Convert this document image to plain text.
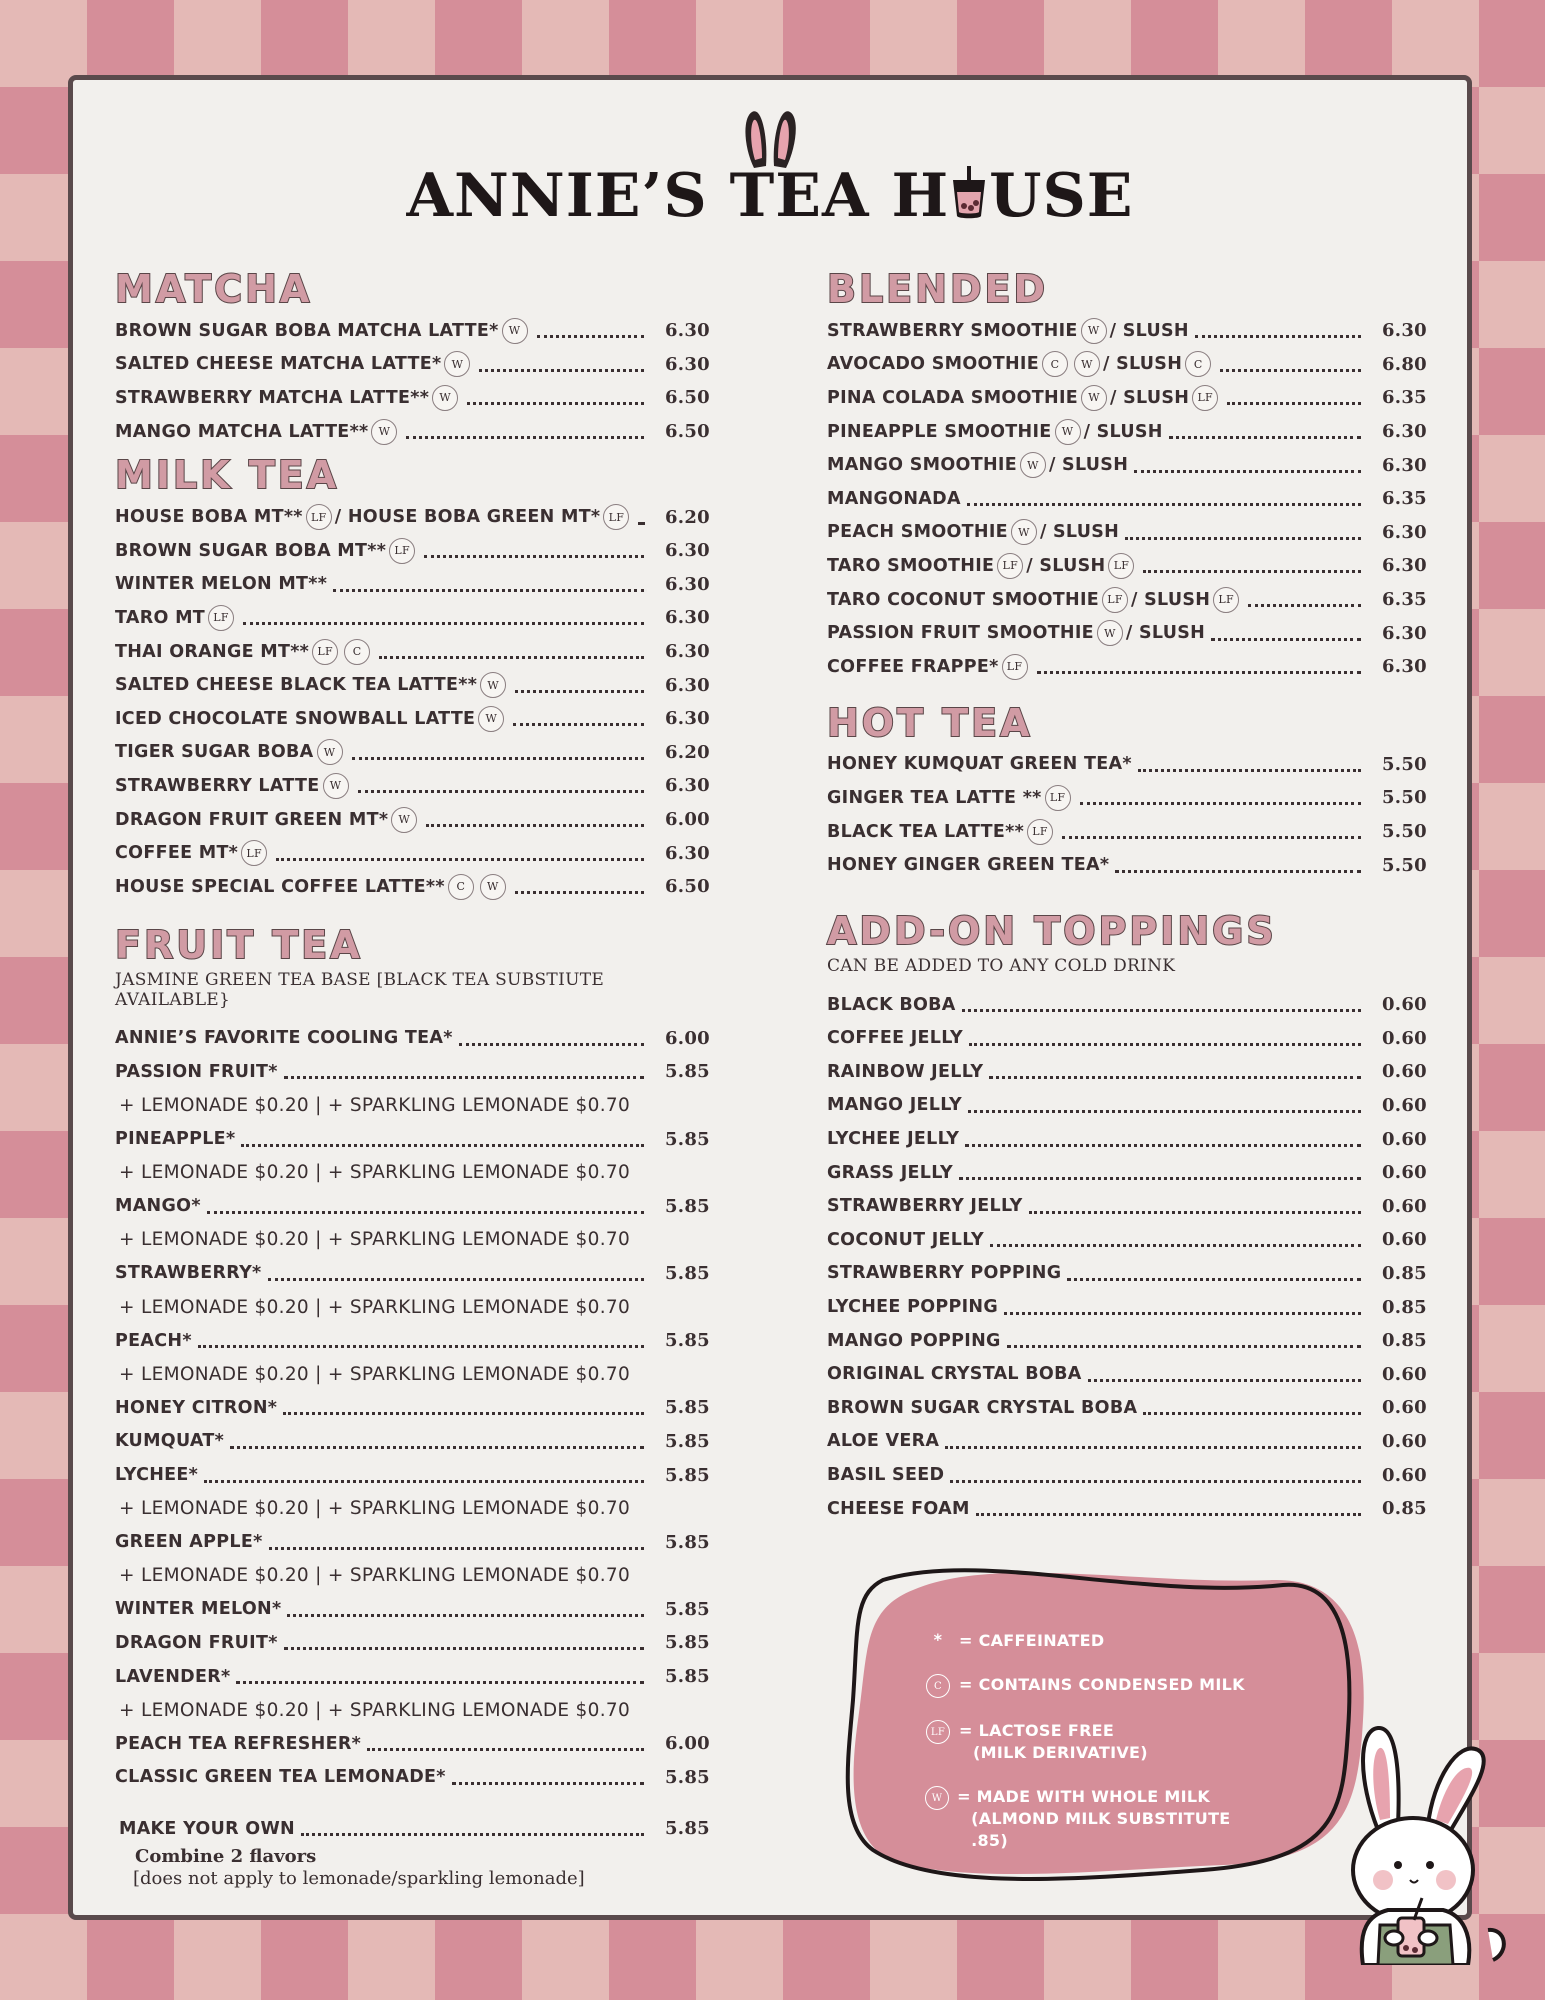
ANNIE’S TEA H USE
MATCHA
BROWN SUGAR BOBA MATCHA LATTE* W	6.30
SALTED CHEESE MATCHA LATTE* W	6.30
STRAWBERRY MATCHA LATTE** W	6.50
MANGO MATCHA LATTE** W	6.50
MILK TEA
HOUSE BOBA MT** LF / HOUSE BOBA GREEN MT* LF	6.20
BROWN SUGAR BOBA MT** LF	6.30
WINTER MELON MT**	6.30
TARO MT LF	6.30
THAI ORANGE MT** LF	C	6.30
SALTED CHEESE BLACK TEA LATTE** W	6.30
ICED CHOCOLATE SNOWBALL LATTE W	6.30
TIGER SUGAR BOBA W	6.20
STRAWBERRY LATTE W	6.30
DRAGON FRUIT GREEN MT* W	6.00
COFFEE MT* LF	6.30
HOUSE SPECIAL COFFEE LATTE**	C	W	6.50
FRUIT TEA
JASMINE GREEN TEA BASE [BLACK TEA SUBSTIUTE AVAILABLE}
ANNIE’S FAVORITE COOLING TEA*	6.00
PASSION FRUIT*	5.85
+ LEMONADE $0.20 | + SPARKLING LEMONADE $0.70
PINEAPPLE*	5.85
+ LEMONADE $0.20 | + SPARKLING LEMONADE $0.70
MANGO*	5.85
+ LEMONADE $0.20 | + SPARKLING LEMONADE $0.70
STRAWBERRY*	5.85
+ LEMONADE $0.20 | + SPARKLING LEMONADE $0.70
PEACH*	5.85
+ LEMONADE $0.20 | + SPARKLING LEMONADE $0.70
HONEY CITRON*	5.85
KUMQUAT*	5.85
LYCHEE*	5.85
+ LEMONADE $0.20 | + SPARKLING LEMONADE $0.70
GREEN APPLE*	5.85
+ LEMONADE $0.20 | + SPARKLING LEMONADE $0.70
WINTER MELON*	5.85
DRAGON FRUIT*	5.85
LAVENDER*	5.85
+ LEMONADE $0.20 | + SPARKLING LEMONADE $0.70
PEACH TEA REFRESHER*	6.00
CLASSIC GREEN TEA LEMONADE*	5.85
MAKE YOUR OWN	5.85
Combine 2 flavors
[does not apply to lemonade/sparkling lemonade]
BLENDED
STRAWBERRY SMOOTHIE W / SLUSH	6.30
AVOCADO SMOOTHIE	C	W / SLUSH	C	6.80
PINA COLADA SMOOTHIE W / SLUSH LF	6.35
PINEAPPLE SMOOTHIE W / SLUSH	6.30
MANGO SMOOTHIE W / SLUSH	6.30
MANGONADA	6.35
PEACH SMOOTHIE W / SLUSH	6.30
TARO SMOOTHIE LF / SLUSH LF	6.30
TARO COCONUT SMOOTHIE LF / SLUSH LF	6.35
PASSION FRUIT SMOOTHIE W / SLUSH	6.30
COFFEE FRAPPE* LF	6.30
HOT TEA
HONEY KUMQUAT GREEN TEA*	5.50
GINGER TEA LATTE ** LF	5.50
BLACK TEA LATTE** LF	5.50
HONEY GINGER GREEN TEA*	5.50
ADD-ON TOPPINGS
CAN BE ADDED TO ANY COLD DRINK
BLACK BOBA	0.60
COFFEE JELLY	0.60
RAINBOW JELLY	0.60
MANGO JELLY	0.60
LYCHEE JELLY	0.60
GRASS JELLY	0.60
STRAWBERRY JELLY	0.60
COCONUT JELLY	0.60
STRAWBERRY POPPING	0.85
LYCHEE POPPING	0.85
MANGO POPPING	0.85
ORIGINAL CRYSTAL BOBA	0.60
BROWN SUGAR CRYSTAL BOBA	0.60
ALOE VERA	0.60
BASIL SEED	0.60
CHEESE FOAM	0.85
* = CAFFEINATED
C	= CONTAINS CONDENSED MILK
LF = LACTOSE FREE
(MILK DERIVATIVE)
W = MADE WITH WHOLE MILK
(ALMOND MILK SUBSTITUTE .85)
